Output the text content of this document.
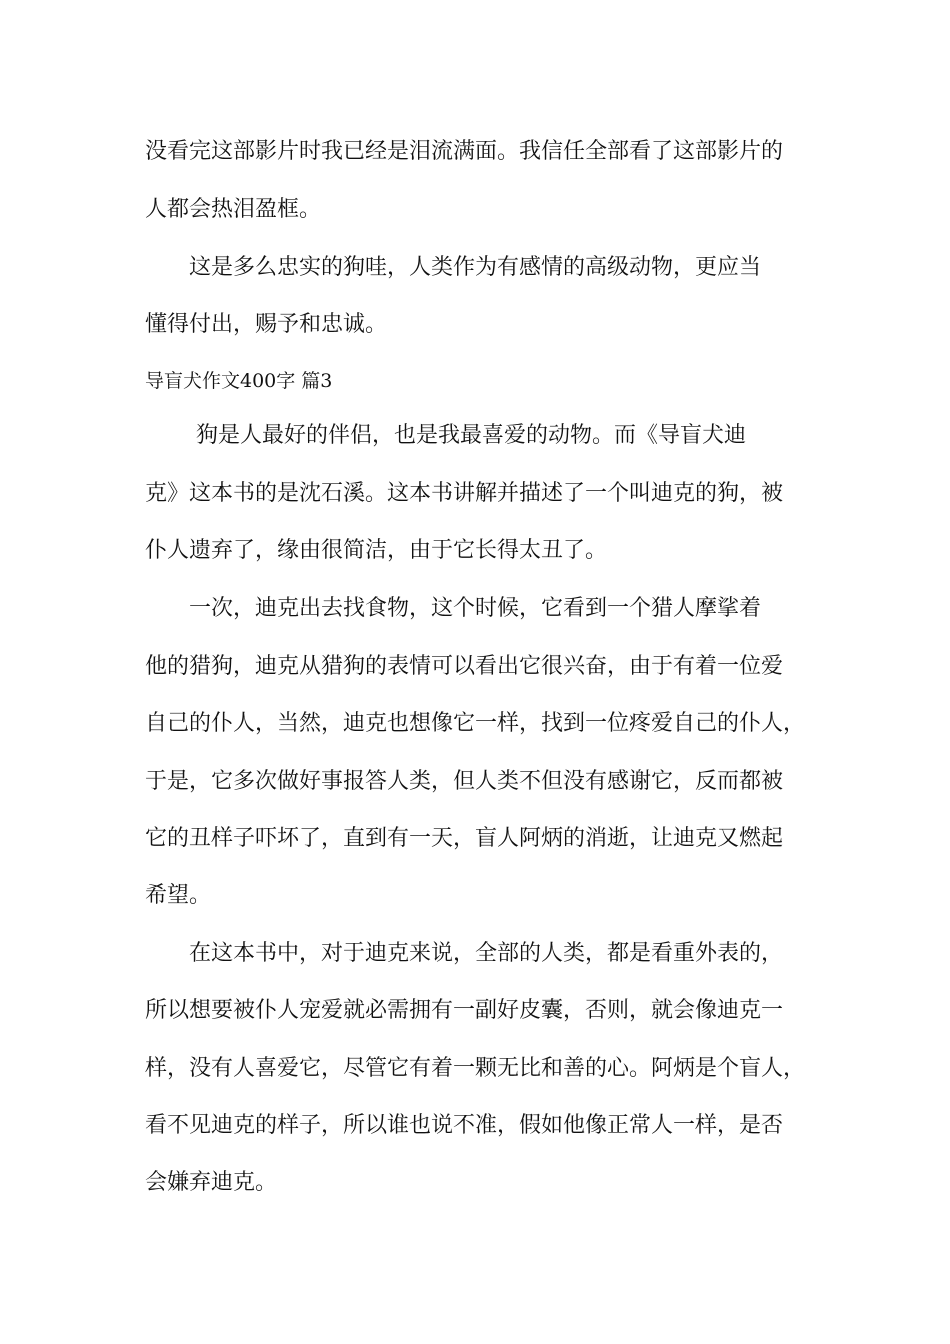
没看完这部影片时我已经是泪流满面。我信任全部看了这部影片的
人都会热泪盈框。
　　这是多么忠实的狗哇，人类作为有感情的高级动物，更应当
懂得付出，赐予和忠诚。
导盲犬作文400字 篇3
　　 狗是人最好的伴侣，也是我最喜爱的动物。而《导盲犬迪
克》这本书的是沈石溪。这本书讲解并描述了一个叫迪克的狗，被
仆人遗弃了，缘由很简洁，由于它长得太丑了。
　　一次，迪克出去找食物，这个时候，它看到一个猎人摩挲着
他的猎狗，迪克从猎狗的表情可以看出它很兴奋，由于有着一位爱
自己的仆人，当然，迪克也想像它一样，找到一位疼爱自己的仆人，
于是，它多次做好事报答人类，但人类不但没有感谢它，反而都被
它的丑样子吓坏了，直到有一天，盲人阿炳的消逝，让迪克又燃起
希望。
　　在这本书中，对于迪克来说，全部的人类，都是看重外表的，
所以想要被仆人宠爱就必需拥有一副好皮囊，否则，就会像迪克一
样，没有人喜爱它，尽管它有着一颗无比和善的心。阿炳是个盲人，
看不见迪克的样子，所以谁也说不准，假如他像正常人一样，是否
会嫌弃迪克。
